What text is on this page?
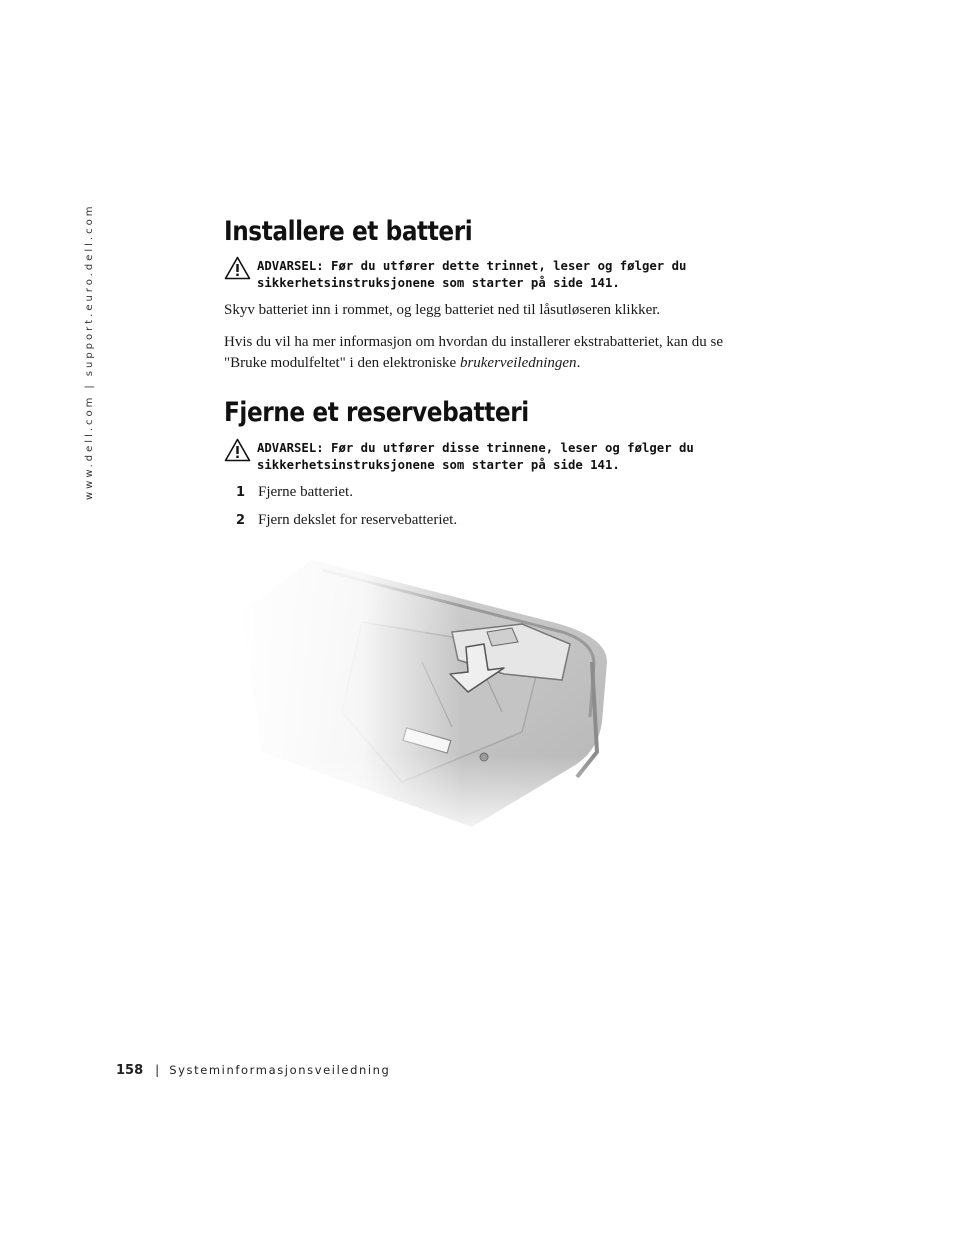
www.dell.com|support.euro.dell.com	Installere et batteri
ADVARSEL: Før du utfører dette trinnet, leser og følger du sikkerhetsinstruksjonene som starter på side 141.

Skyv batteriet inn i rommet, og legg batteriet ned til låsutløseren klikker.

Hvis du vil ha mer informasjon om hvordan du installerer ekstrabatteriet, kan du se "Bruke modulfeltet" i den elektroniske brukerveiledningen.

Fjerne et reservebatteri
ADVARSEL: Før du utfører disse trinnene, leser og følger du sikkerhetsinstruksjonene som starter på side 141.
1 Fjerne batteriet.
2 Fjern dekslet for reservebatteriet.
158 | Systeminformasjonsveiledning
